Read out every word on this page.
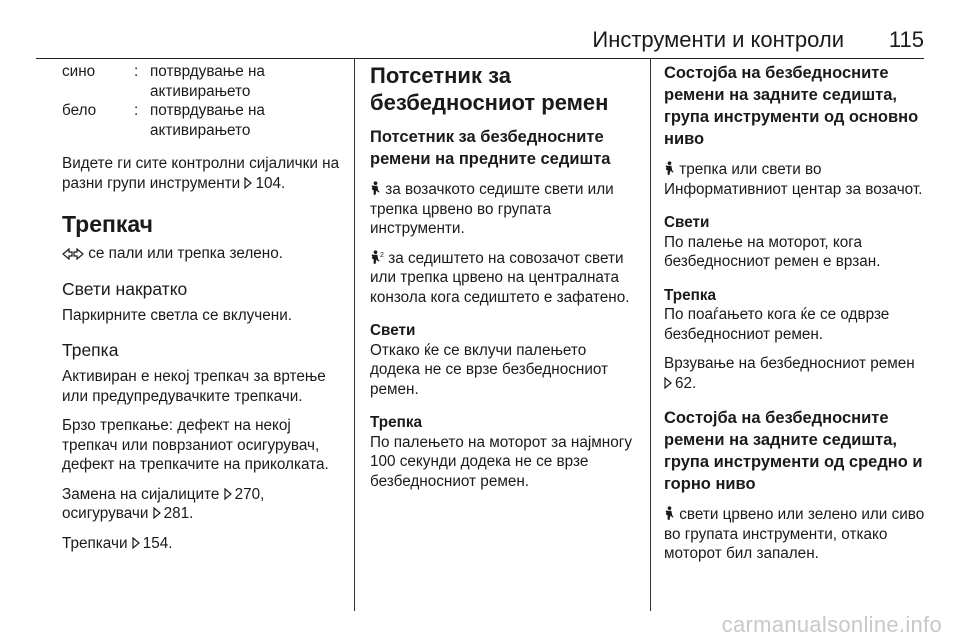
Инструменти и контроли 115
сино	: потврдување на активирањето
бело	: потврдување на активирањето

Видете ги сите контролни сијалички на разни групи инструменти 104.

Трепкач

се пали или трепка зелено.

Свети накратко

Паркирните светла се вклучени.

Трепка

Активиран е некој трепкач за вртење или предупредувачките трепкачи.

Брзо трепкање: дефект на некој трепкач или поврзаниот осигурувач, дефект на трепкачите на приколката.

Замена на сијалиците 270,
осигурувачи 281.

Трепкачи 154.

Потсетник за безбедносниот ремен
Потсетник за безбедносните ремени на предните седишта

за возачкото седиште свети или трепка црвено во групата инструменти.

2 за седиштето на совозачот свети или трепка црвено на централната конзола кога седиштето е зафатено.

Свети

Откако ќе се вклучи палењето додека не се врзе безбедносниот ремен.

Трепка

По палењето на моторот за најмногу 100 секунди додека не се врзе безбедносниот ремен.

Состојба на безбедносните ремени на задните седишта, група инструменти од основно ниво

трепка или свети во Информативниот центар за возачот.

Свети

По палење на моторот, кога безбедносниот ремен е врзан.

Трепка

По поаѓањето кога ќе се одврзе безбедносниот ремен.

Врзување на безбедносниот ремен
62.

Состојба на безбедносните ремени на задните седишта, група инструменти од средно и горно ниво

свети црвено или зелено или сиво во групата инструменти, откако моторот бил запален.

carmanualsonline.info
